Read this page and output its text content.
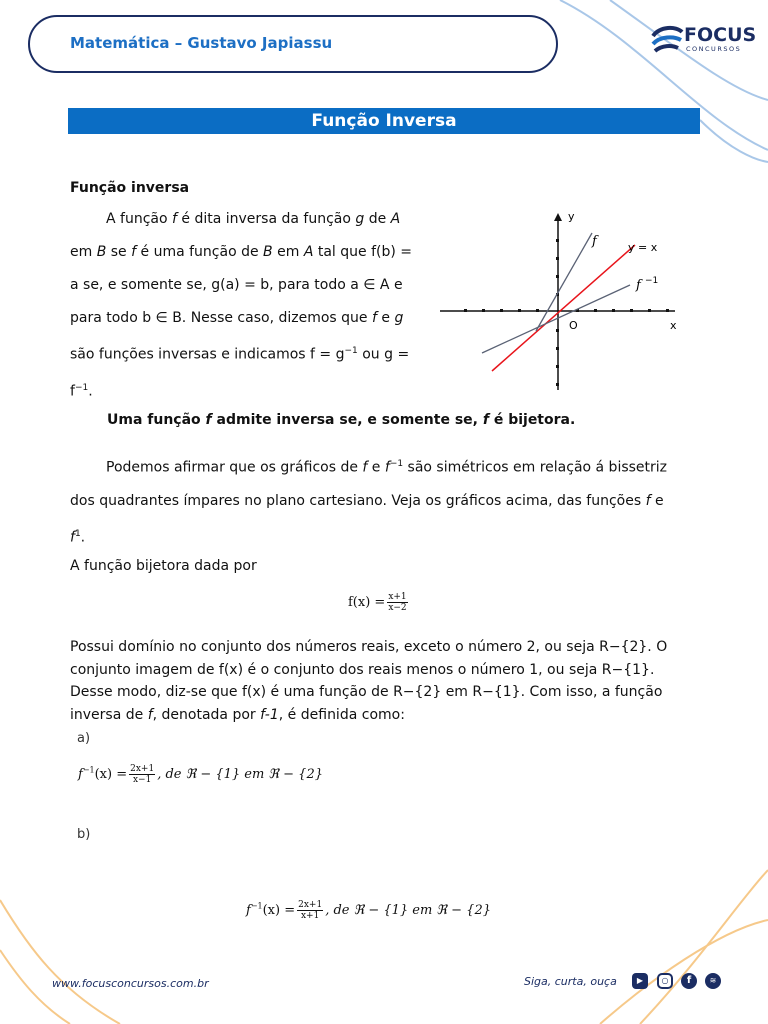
Matemática – Gustavo Japiassu	FOCUS
CONCURSOS
Função Inversa
Função inversa

A função f é dita inversa da função g de A

em B se f é uma função de B em A tal que f(b) =

a se, e somente se, g(a) = b, para todo a ∈ A e

para todo b ∈ B. Nesse caso, dizemos que f e g

são funções inversas e indicamos $f = g^{-1}$ ou g =

$f^{-1}$.

y
x
O
f	y = x
f −1
Uma função f admite inversa se, e somente se, f é bijetora.

Podemos afirmar que os gráficos de f e $f^{-1}$ são simétricos em relação á bissetriz

dos quadrantes ímpares no plano cartesiano. Veja os gráficos acima, das funções f e

$f^1$.

A função bijetora dada por
$f(x) = \frac{x+1}{x-2}$

Possui domínio no conjunto dos números reais, exceto o número 2, ou seja R−{2}. O

conjunto imagem de f(x) é o conjunto dos reais menos o número 1, ou seja R−{1}.

Desse modo, diz-se que f(x) é uma função de R−{2} em R−{1}. Com isso, a função

inversa de f, denotada por f-1, é definida como:

a)
$f^{-1}(x) = \frac{2x+1}{x-1}$ , de ℜ − {1} em ℜ − {2}
b)
$f^{-1}(x) = \frac{2x+1}{x+1}$ , de ℜ − {1} em ℜ − {2}
www.focusconcursos.com.br	Siga, curta, ouça	▶	○	f	≋
